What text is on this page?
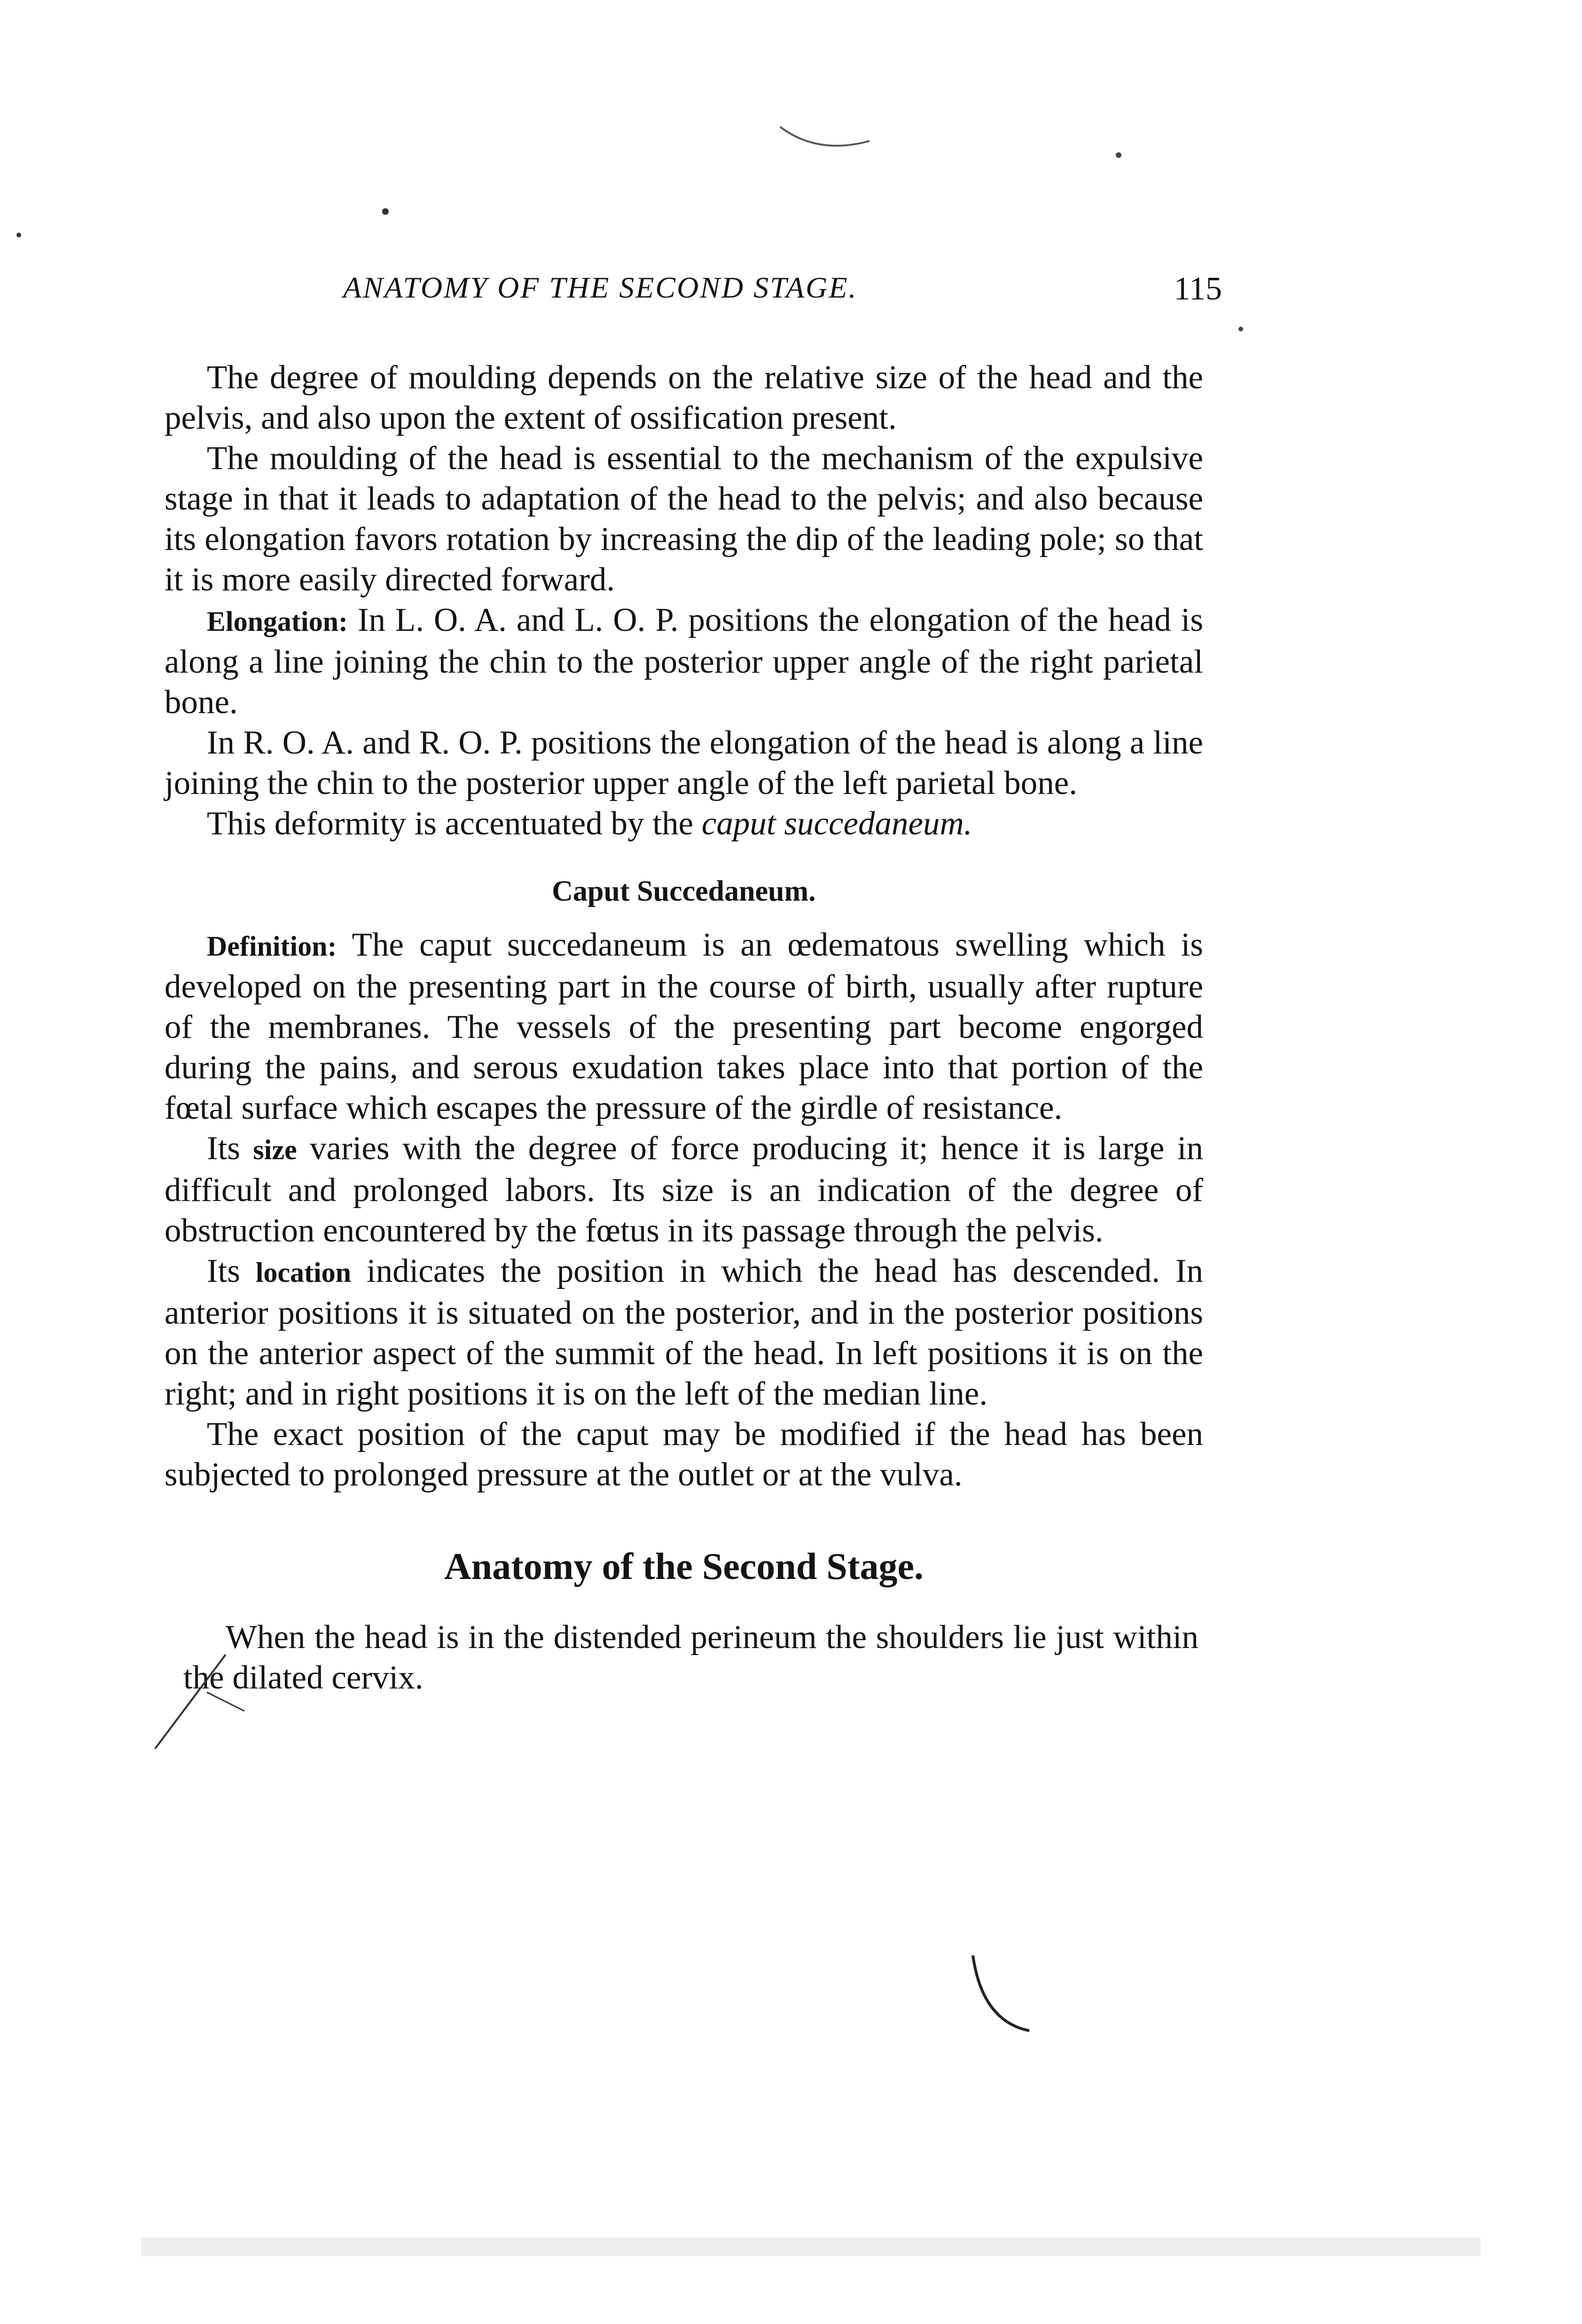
ANATOMY OF THE SECOND STAGE.	115

The degree of moulding depends on the relative size of the head and the pelvis, and also upon the extent of ossification present.

The moulding of the head is essential to the mechanism of the expulsive stage in that it leads to adaptation of the head to the pelvis; and also because its elongation favors rotation by increasing the dip of the leading pole; so that it is more easily directed forward.

Elongation: In L. O. A. and L. O. P. positions the elongation of the head is along a line joining the chin to the posterior upper angle of the right parietal bone.

In R. O. A. and R. O. P. positions the elongation of the head is along a line joining the chin to the posterior upper angle of the left parietal bone.

This deformity is accentuated by the caput succedaneum.

Caput Succedaneum.

Definition: The caput succedaneum is an œdematous swelling which is developed on the presenting part in the course of birth, usually after rupture of the membranes. The vessels of the presenting part become engorged during the pains, and serous exudation takes place into that portion of the fœtal surface which escapes the pressure of the girdle of resistance.

Its size varies with the degree of force producing it; hence it is large in difficult and prolonged labors. Its size is an indication of the degree of obstruction encountered by the fœtus in its passage through the pelvis.

Its location indicates the position in which the head has descended. In anterior positions it is situated on the posterior, and in the posterior positions on the anterior aspect of the summit of the head. In left positions it is on the right; and in right positions it is on the left of the median line.

The exact position of the caput may be modified if the head has been subjected to prolonged pressure at the outlet or at the vulva.

Anatomy of the Second Stage.

When the head is in the distended perineum the shoulders lie just within the dilated cervix.
